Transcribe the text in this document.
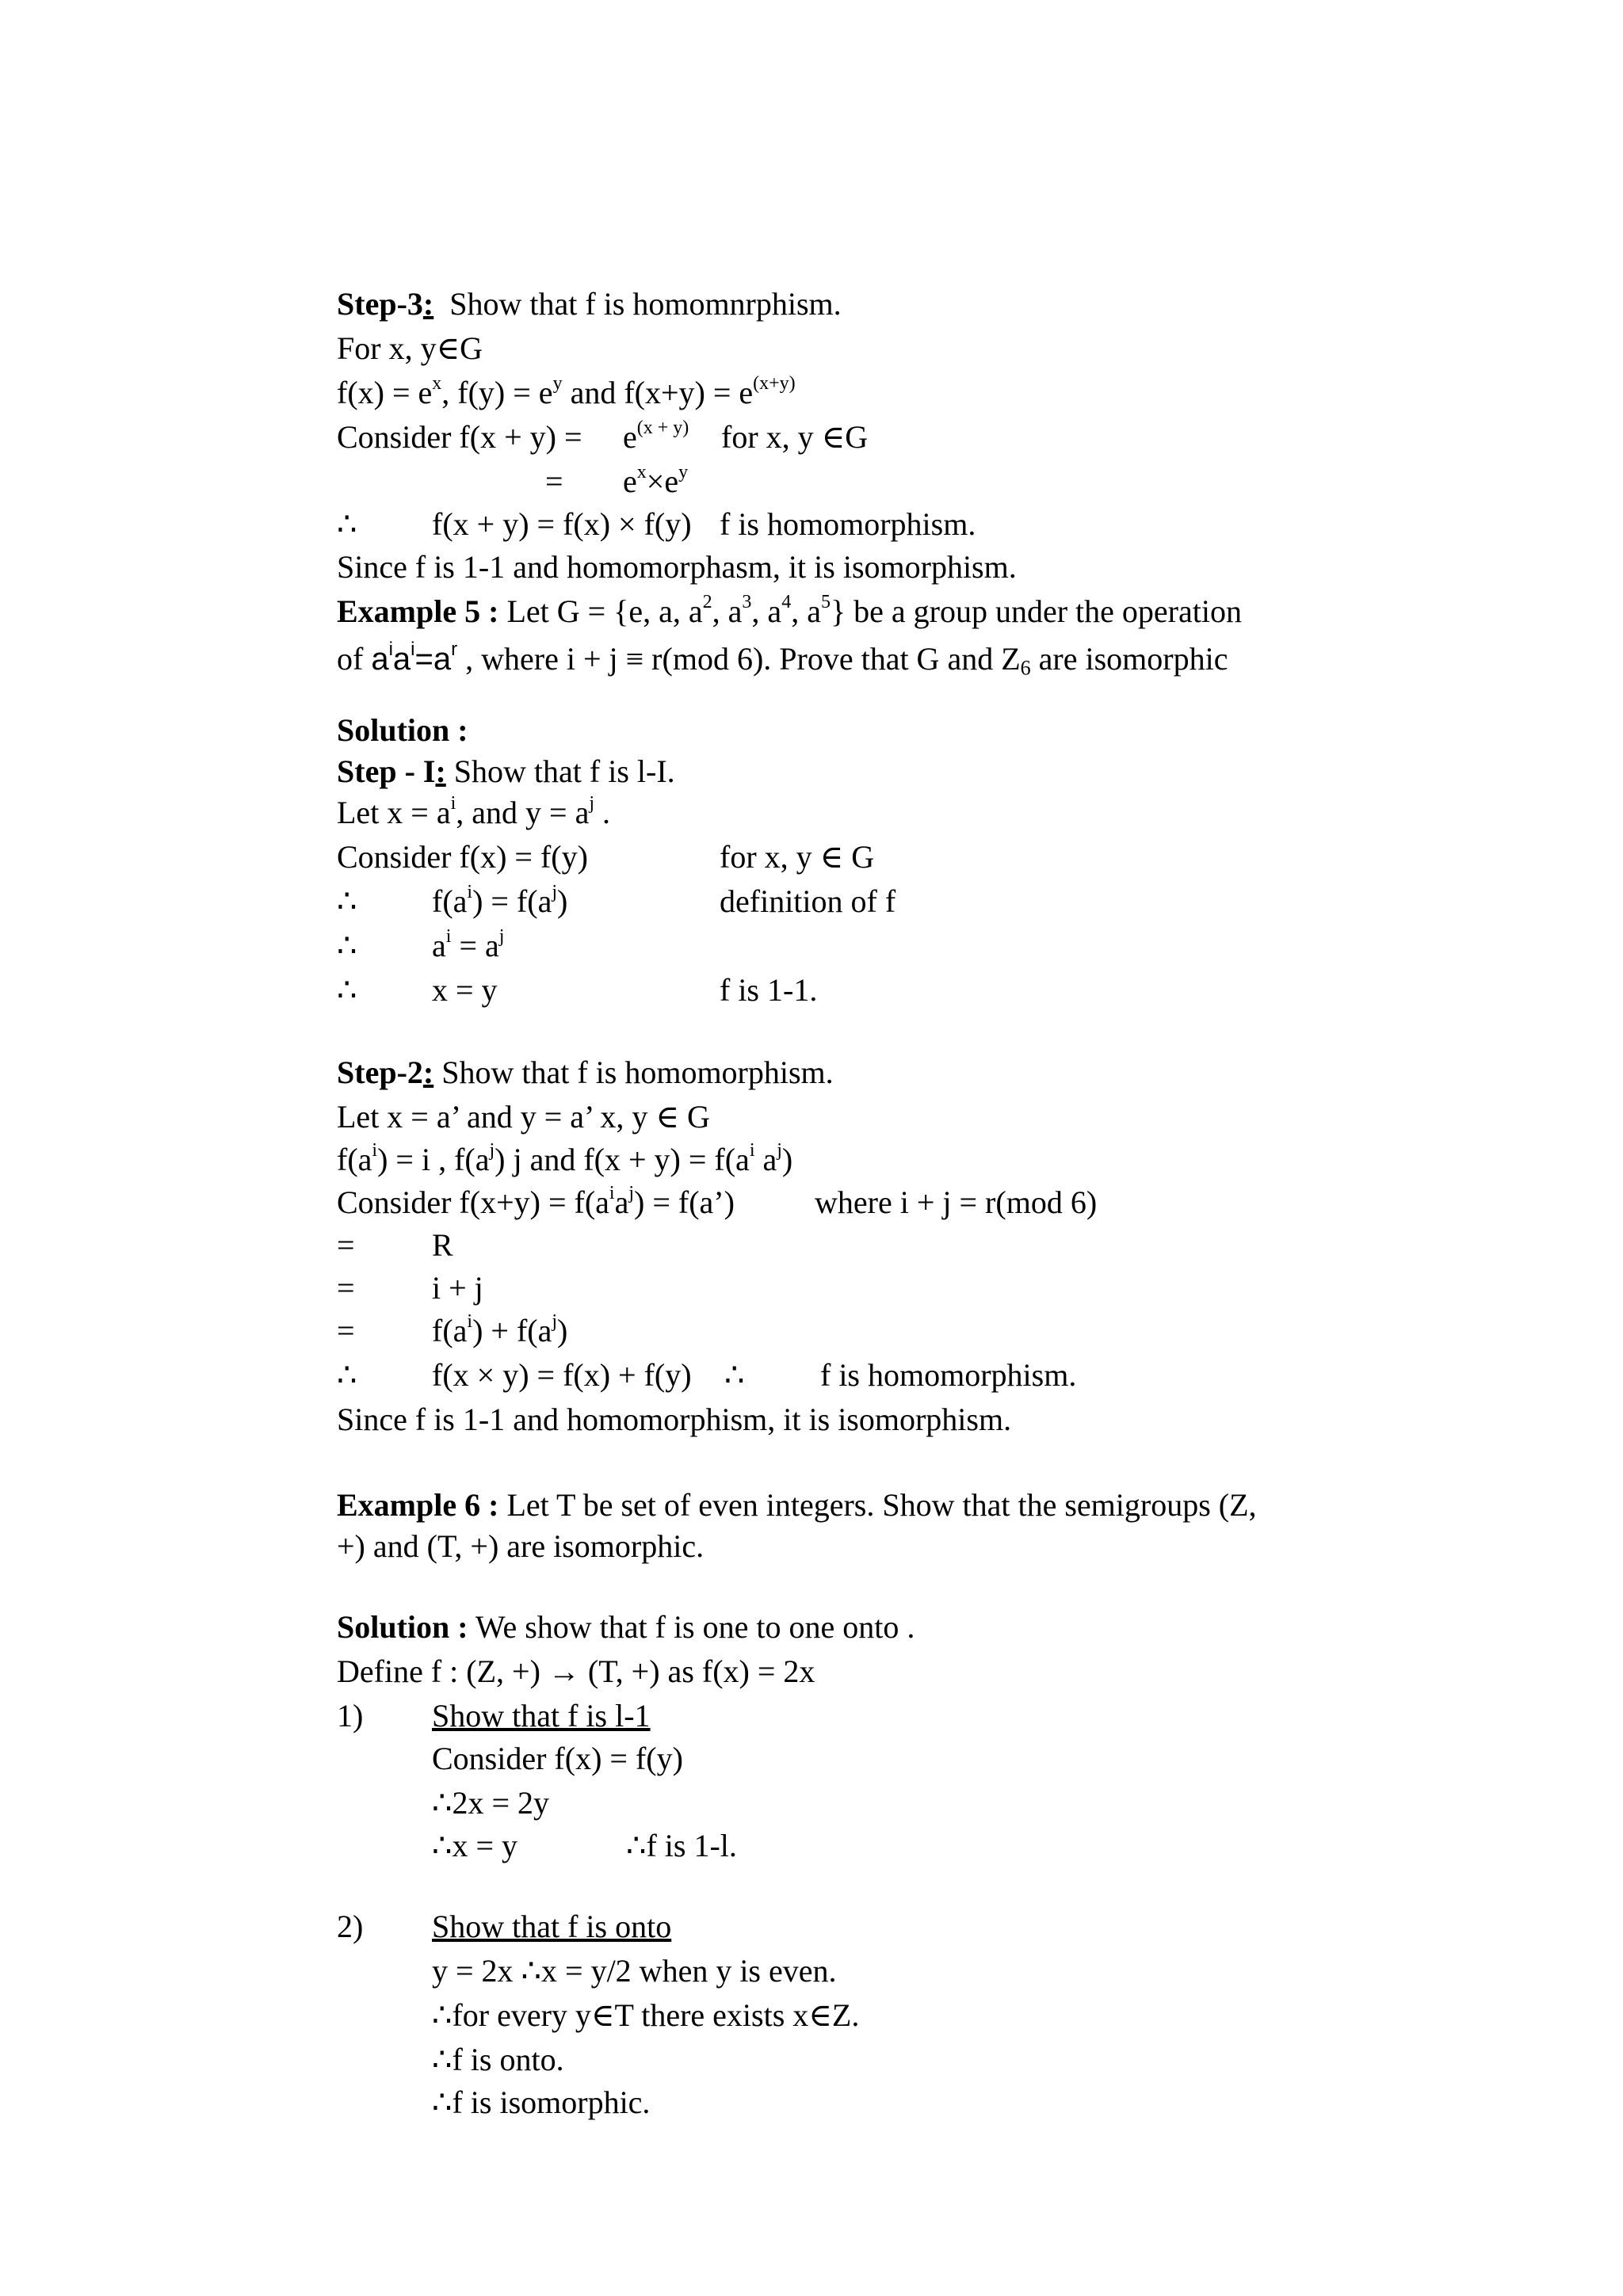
Step-3: Show that f is homomnrphism.
For x, y∈G
$f(x) = e^x$, $f(y) = e^y$ and $f(x+y) = e^{(x+y)}$
Consider $f(x + y) = e^{(x + y)}$ for x, y ∈G
= $e^x\times e^y$
∴ f(x + y) = f(x) × f(y) f is homomorphism.
Since f is 1-1 and homomorphasm, it is isomorphism.
Example 5 : Let G = {e, a, $a^2$, $a^3$, $a^4$, $a^5$} be a group under the operation
of $a^ia^i=a^r$ , where i + j ≡ r(mod 6). Prove that G and $Z_6$ are isomorphic
Solution :
Step - I: Show that f is l-I.
Let $x = a^i$, and $y = a^j$ .
Consider f(x) = f(y)	for x, y ∈ G
∴ $f(a^i) = f(a^j)$	definition of f
∴ $a^i = a^j$
∴ x = y	f is 1-1.
Step-2: Show that f is homomorphism.
Let x = a’ and y = a’ x, y ∈ G
$f(a^i) = i$ , $f(a^j)$ j and $f(x + y) = f(a^i$ $a^j$)
Consider $f(x+y) = f(a^ia^j)$ = f(a’)	where i + j = r(mod 6)
= R
= i + j
= $f(a^i) + f(a^j)$
∴ f(x × y) = f(x) + f(y) ∴ f is homomorphism.
Since f is 1-1 and homomorphism, it is isomorphism.
Example 6 : Let T be set of even integers. Show that the semigroups (Z,
+) and (T, +) are isomorphic.
Solution : We show that f is one to one onto .
Define f : (Z, +) → (T, +) as f(x) = 2x
1) Show that f is l-1
Consider f(x) = f(y)
∴2x = 2y
∴x = y	∴f is 1-l.
2) Show that f is onto
y = 2x ∴x = y/2 when y is even.
∴for every y∈T there exists x∈Z.
∴f is onto.
∴f is isomorphic.
